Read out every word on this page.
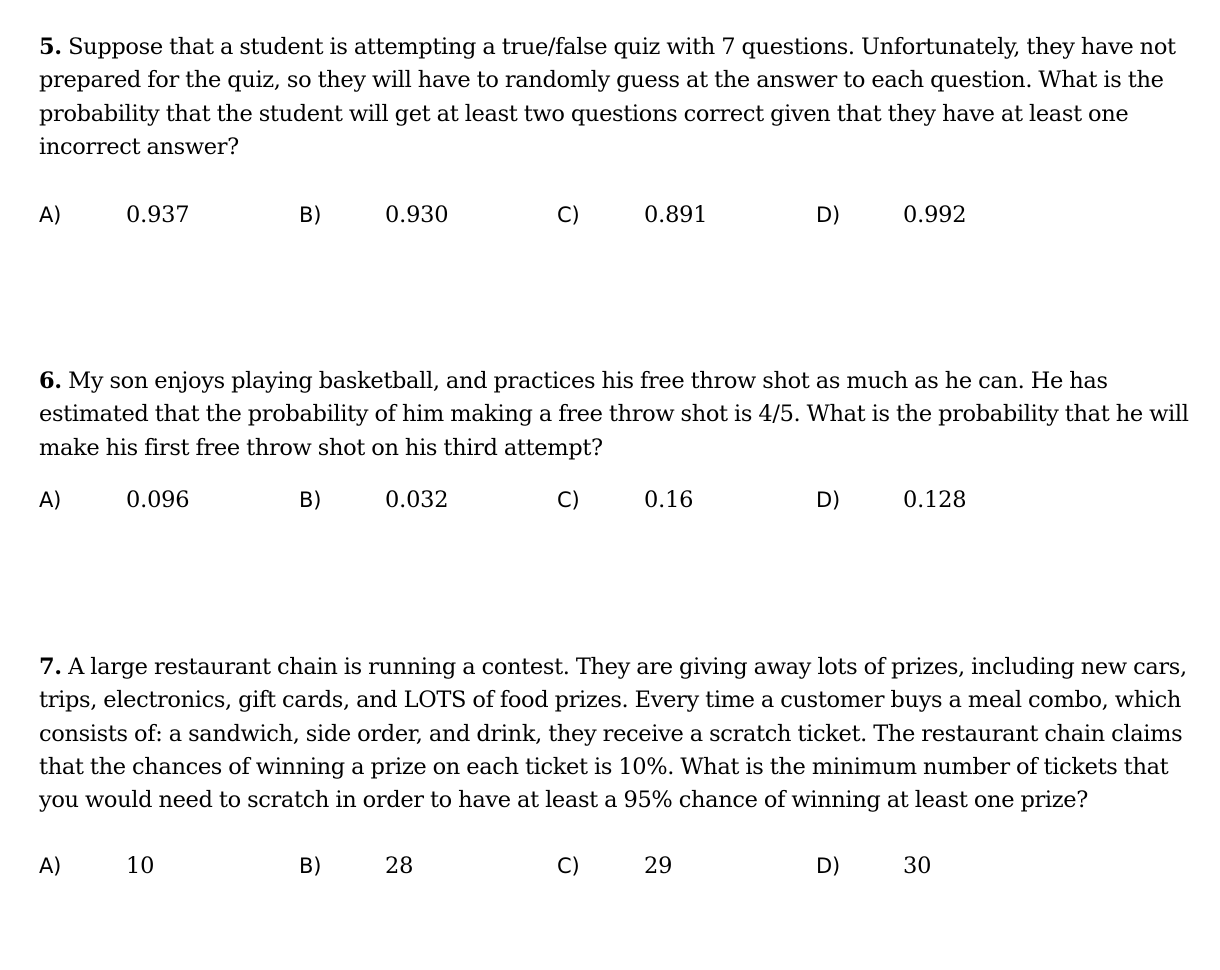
5. Suppose that a student is attempting a true/false quiz with 7 questions. Unfortunately, they have not prepared for the quiz, so they will have to randomly guess at the answer to each question. What is the probability that the student will get at least two questions correct given that they have at least one incorrect answer?

A)	0.937	B)	0.930	C)	0.891	D)	0.992

6. My son enjoys playing basketball, and practices his free throw shot as much as he can. He has estimated that the probability of him making a free throw shot is 4/5. What is the probability that he will make his first free throw shot on his third attempt?

A)	0.096	B)	0.032	C)	0.16	D)	0.128

7. A large restaurant chain is running a contest. They are giving away lots of prizes, including new cars, trips, electronics, gift cards, and LOTS of food prizes. Every time a customer buys a meal combo, which consists of: a sandwich, side order, and drink, they receive a scratch ticket. The restaurant chain claims that the chances of winning a prize on each ticket is 10%. What is the minimum number of tickets that you would need to scratch in order to have at least a 95% chance of winning at least one prize?

A)	10	B)	28	C)	29	D)	30
